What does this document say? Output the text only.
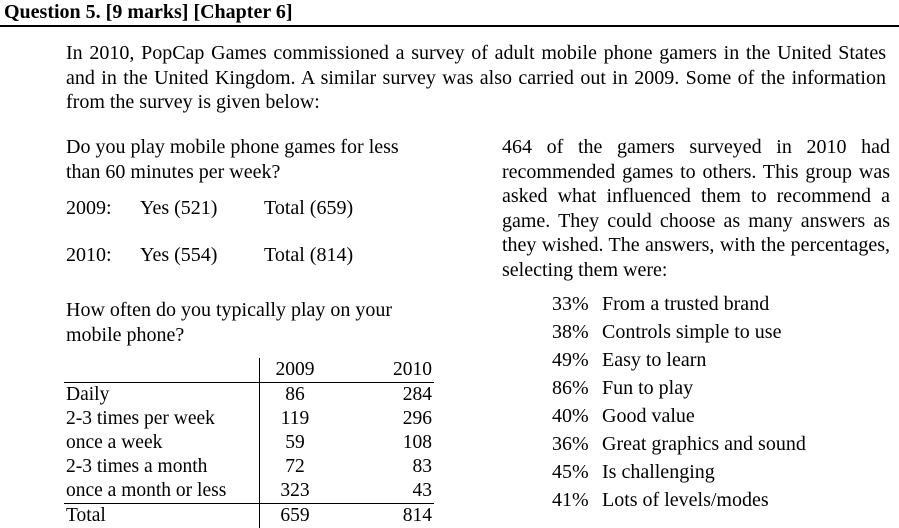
Question 5. [9 marks] [Chapter 6]
In 2010, PopCap Games commissioned a survey of adult mobile phone gamers in the United States and in the United Kingdom. A similar survey was also carried out in 2009. Some of the information from the survey is given below:
Do you play mobile phone games for less than 60 minutes per week?
2009: Yes (521) Total (659)
2010: Yes (554) Total (814)
How often do you typically play on your mobile phone?
	2009	2010
Daily	86	284
2-3 times per week	119	296
once a week	59	108
2-3 times a month	72	83
once a month or less	323	43
Total	659	814
464 of the gamers surveyed in 2010 had recommended games to others. This group was asked what influenced them to recommend a game. They could choose as many answers as they wished. The answers, with the percentages, selecting them were:
33% From a trusted brand
38% Controls simple to use
49% Easy to learn
86% Fun to play
40% Good value
36% Great graphics and sound
45% Is challenging
41% Lots of levels/modes
